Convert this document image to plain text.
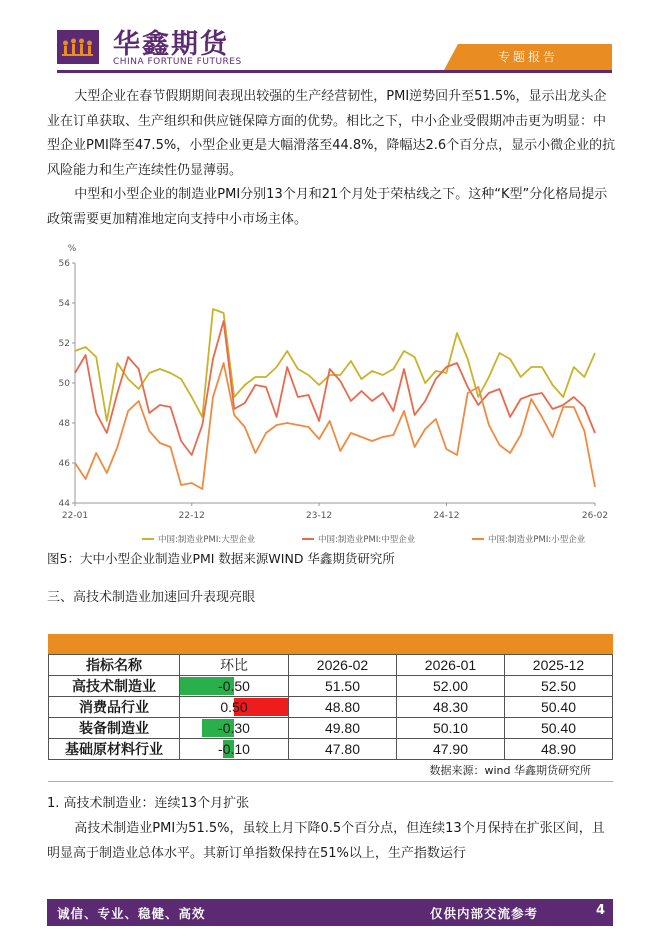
华鑫期货
CHINA FORTUNE FUTURES	专题报告

大型企业在春节假期期间表现出较强的生产经营韧性，PMI逆势回升至51.5%，显示出龙头企业在订单获取、生产组织和供应链保障方面的优势。相比之下，中小企业受假期冲击更为明显：中型企业PMI降至47.5%，小型企业更是大幅滑落至44.8%，降幅达2.6个百分点，显示小微企业的抗风险能力和生产连续性仍显薄弱。

中型和小型企业的制造业PMI分别13个月和21个月处于荣枯线之下。这种“K型”分化格局提示政策需要更加精准地定向支持中小市场主体。

%
44
46
48
50
52
54
56
22-01	22-12	23-12	24-12	26-02
中国:制造业PMI:大型企业	中国:制造业PMI:中型企业	中国:制造业PMI:小型企业
图5：大中小型企业制造业PMI 数据来源WIND 华鑫期货研究所
三、高技术制造业加速回升表现亮眼
指标名称	环比	2026-02	2026-01	2025-12
高技术制造业	-0.50	51.50	52.00	52.50
消费品行业	0.50	48.80	48.30	50.40
装备制造业	-0.30	49.80	50.10	50.40
基础原材料行业	-0.10	47.80	47.90	48.90
数据来源：wind 华鑫期货研究所
1. 高技术制造业：连续13个月扩张

高技术制造业PMI为51.5%，虽较上月下降0.5个百分点，但连续13个月保持在扩张区间，且明显高于制造业总体水平。其新订单指数保持在51%以上，生产指数运行

诚信、专业、稳健、高效	仅供内部交流参考	4
